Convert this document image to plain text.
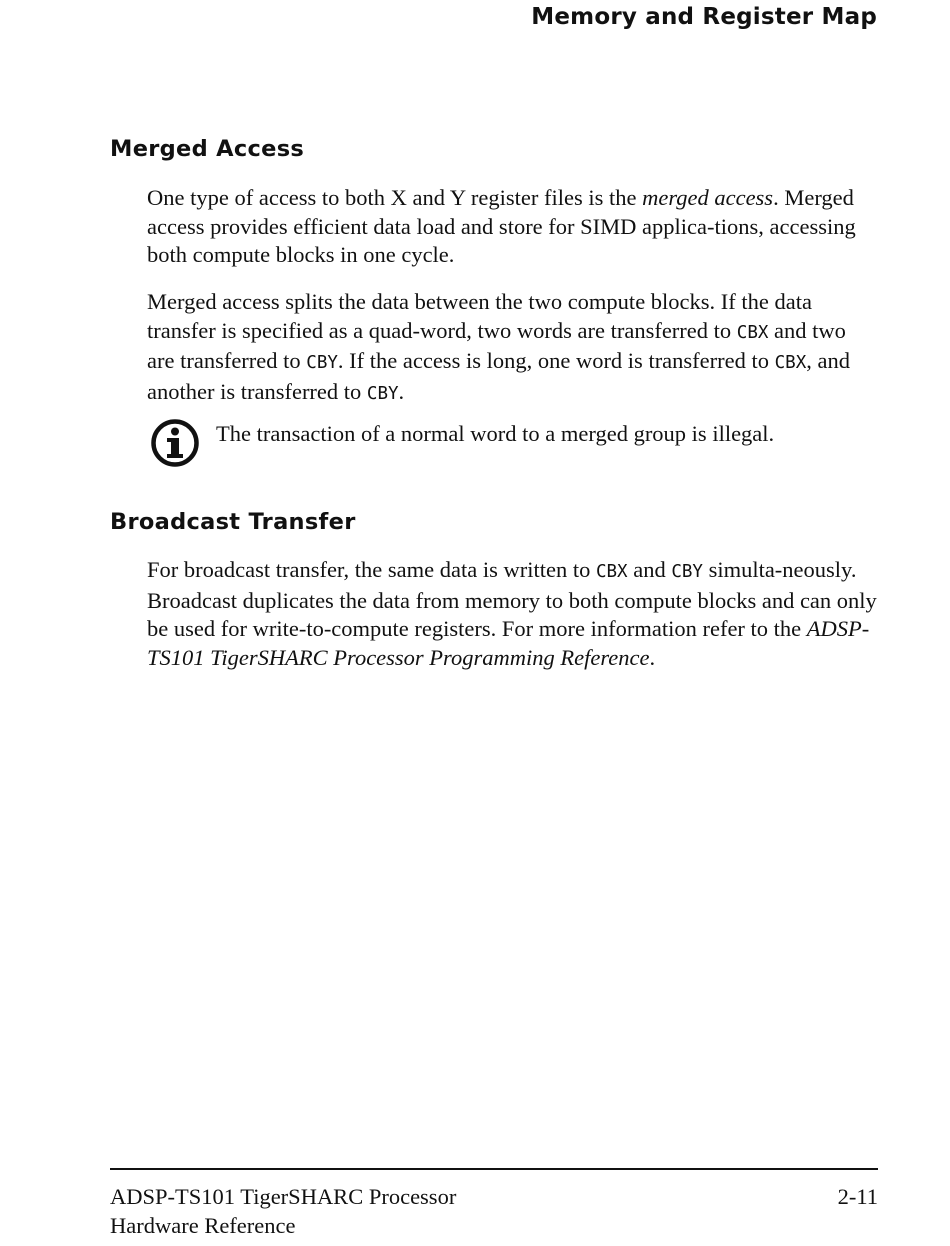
Memory and Register Map
Merged Access

One type of access to both X and Y register files is the merged access. Merged access provides efficient data load and store for SIMD applica-tions, accessing both compute blocks in one cycle.

Merged access splits the data between the two compute blocks. If the data transfer is specified as a quad-word, two words are transferred to CBX and two are transferred to CBY. If the access is long, one word is transferred to CBX, and another is transferred to CBY.

The transaction of a normal word to a merged group is illegal.

Broadcast Transfer

For broadcast transfer, the same data is written to CBX and CBY simulta-neously. Broadcast duplicates the data from memory to both compute blocks and can only be used for write-to-compute registers. For more information refer to the ADSP-TS101 TigerSHARC Processor Programming Reference.

ADSP-TS101 TigerSHARC Processor
Hardware Reference
2-11
